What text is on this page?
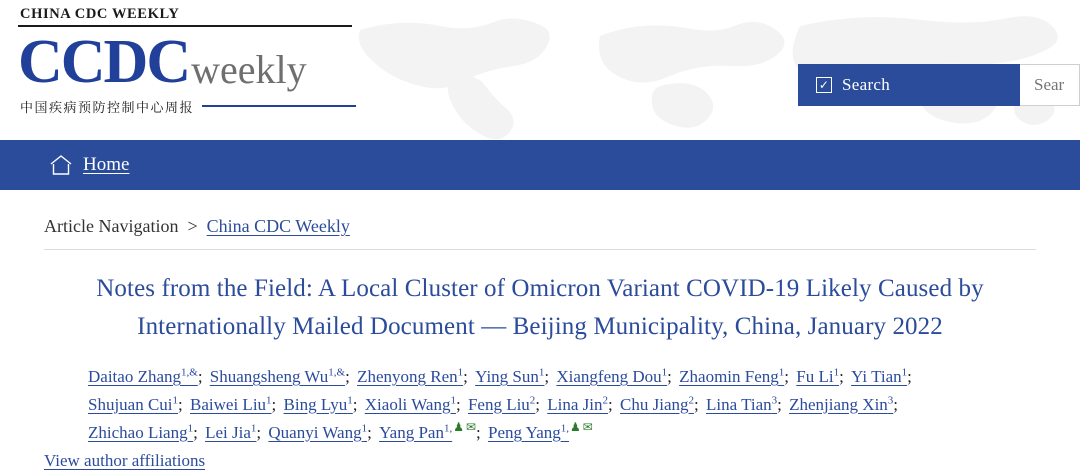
CHINA CDC WEEKLY
CCDC weekly
中国疾病预防控制中心周报
✓ Search
Sear
Home
Article Navigation > China CDC Weekly
Notes from the Field: A Local Cluster of Omicron Variant COVID-19 Likely Caused by Internationally Mailed Document — Beijing Municipality, China, January 2022
Daitao Zhang$^{1,\&}$; Shuangsheng Wu$^{1,\&}$; Zhenyong Ren$^1$; Ying Sun$^1$; Xiangfeng Dou$^1$; Zhaomin Feng$^1$; Fu Li$^1$; Yi Tian$^1$; Shujuan Cui$^1$; Baiwei Liu$^1$; Bing Lyu$^1$; Xiaoli Wang$^1$; Feng Liu$^2$; Lina Jin$^2$; Chu Jiang$^2$; Lina Tian$^3$; Zhenjiang Xin$^3$; Zhichao Liang$^1$; Lei Jia$^1$; Quanyi Wang$^1$; Yang Pan$^{1,♟}$ ✉; Peng Yang$^{1,♟}$ ✉
View author affiliations
